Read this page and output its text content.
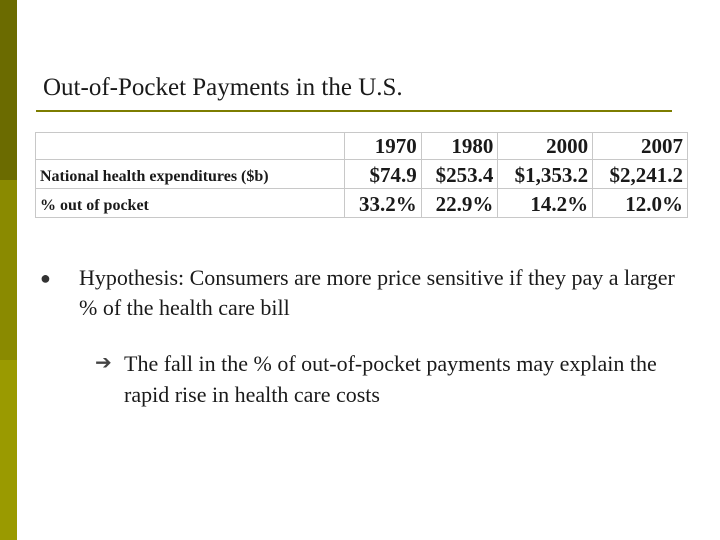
Out-of-Pocket Payments in the U.S.
	1970	1980	2000	2007
National health expenditures ($b)	$74.9	$253.4	$1,353.2	$2,241.2
% out of pocket	33.2%	22.9%	14.2%	12.0%
● Hypothesis: Consumers are more price sensitive if they pay a larger % of the health care bill
➔ The fall in the % of out-of-pocket payments may explain the rapid rise in health care costs
